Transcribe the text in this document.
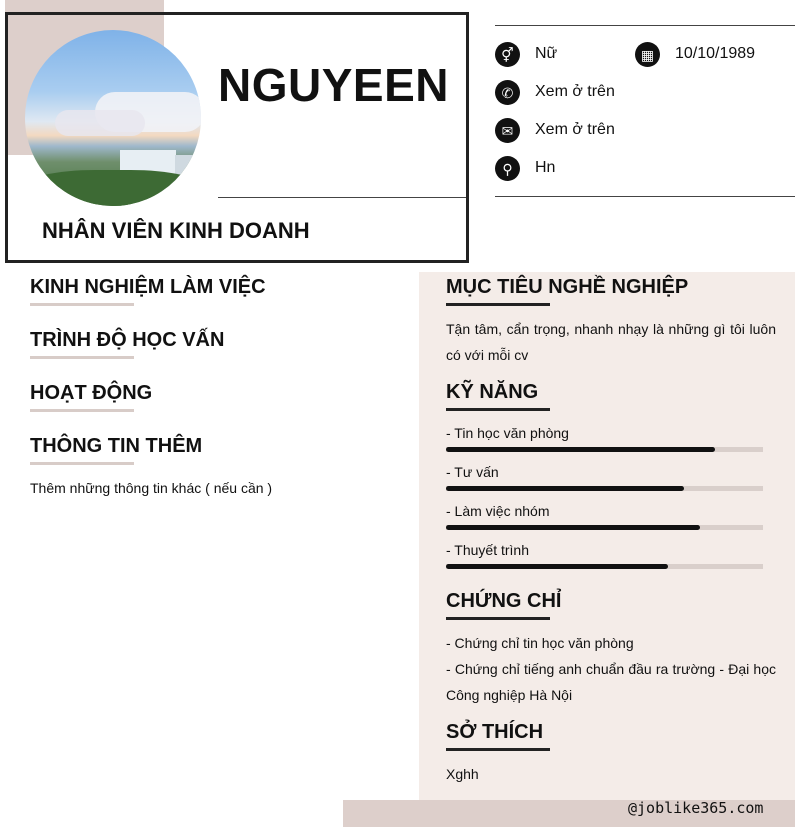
NGUYEEN
NHÂN VIÊN KINH DOANH
⚥	Nữ	▦	10/10/1989
✆	Xem ở trên
✉	Xem ở trên
⚲	Hn
KINH NGHIỆM LÀM VIỆC
TRÌNH ĐỘ HỌC VẤN
HOẠT ĐỘNG
THÔNG TIN THÊM
Thêm những thông tin khác ( nếu cần )
MỤC TIÊU NGHỀ NGHIỆP
Tận tâm, cẩn trọng, nhanh nhạy là những gì tôi luôn
có với mỗi cv
KỸ NĂNG
- Tin học văn phòng
- Tư vấn
- Làm việc nhóm
- Thuyết trình
CHỨNG CHỈ
- Chứng chỉ tin học văn phòng
- Chứng chỉ tiếng anh chuẩn đầu ra trường - Đại học
Công nghiệp Hà Nội
SỞ THÍCH
Xghh
@joblike365.com
